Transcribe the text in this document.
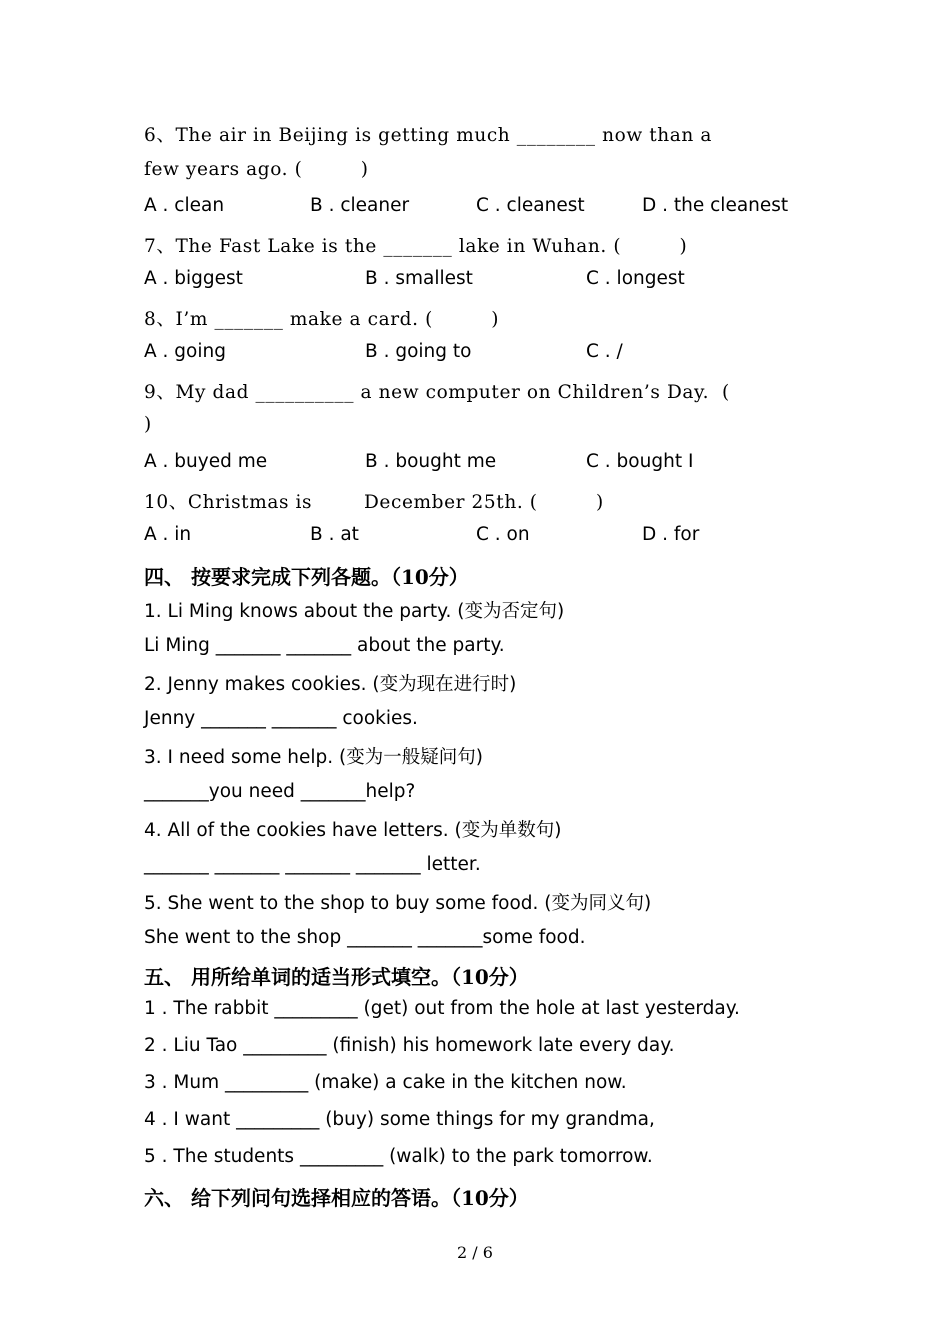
6、The air in Beijing is getting much ________ now than a
few years ago. (         )
A . clean	B . cleaner	C . cleanest	D . the cleanest
7、The Fast Lake is the _______ lake in Wuhan. (         )
A . biggest	B . smallest	C . longest
8、I’m _______ make a card. (         )
A . going	B . going to	C . /
9、My dad __________ a new computer on Children’s Day.  (
)
A . buyed me	B . bought me	C . bought I
10、Christmas is        December 25th. (         )
A . in	B . at	C . on	D . for
四、 按要求完成下列各题。（10分）
1. Li Ming knows about the party. (变为否定句)
Li Ming _______ _______ about the party.
2. Jenny makes cookies. (变为现在进行时)
Jenny _______ _______ cookies.
3. I need some help. (变为一般疑问句)
_______you need _______help?
4. All of the cookies have letters. (变为单数句)
_______ _______ _______ _______ letter.
5. She went to the shop to buy some food. (变为同义句)
She went to the shop _______ _______some food.
五、 用所给单词的适当形式填空。（10分）
1 . The rabbit _________ (get) out from the hole at last yesterday.
2 . Liu Tao _________ (finish) his homework late every day.
3 . Mum _________ (make) a cake in the kitchen now.
4 . I want _________ (buy) some things for my grandma,
5 . The students _________ (walk) to the park tomorrow.
六、 给下列问句选择相应的答语。（10分）
2 / 6
